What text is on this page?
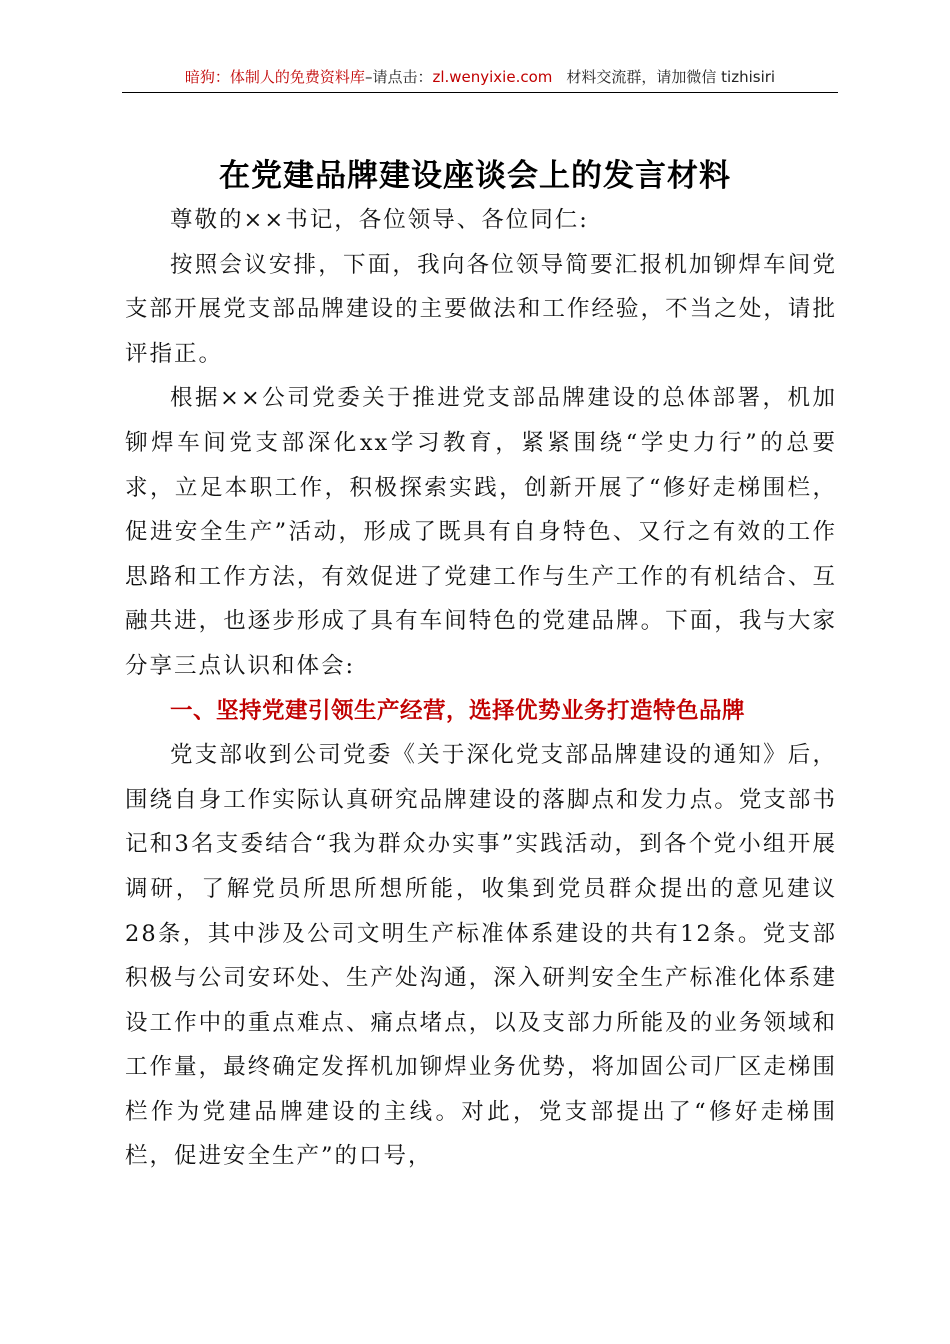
暗狗：体制人的免费资料库–请点击：zl.wenyixie.com 材料交流群，请加微信 tizhisiri
在党建品牌建设座谈会上的发言材料

尊敬的××书记，各位领导、各位同仁:

按照会议安排，下面，我向各位领导简要汇报机加铆焊车间党支部开展党支部品牌建设的主要做法和工作经验，不当之处，请批评指正。

根据××公司党委关于推进党支部品牌建设的总体部署，机加铆焊车间党支部深化xx学习教育，紧紧围绕“学史力行”的总要求，立足本职工作，积极探索实践，创新开展了“修好走梯围栏，促进安全生产”活动，形成了既具有自身特色、又行之有效的工作思路和工作方法，有效促进了党建工作与生产工作的有机结合、互融共进，也逐步形成了具有车间特色的党建品牌。下面，我与大家分享三点认识和体会:

一、坚持党建引领生产经营，选择优势业务打造特色品牌

党支部收到公司党委《关于深化党支部品牌建设的通知》后，围绕自身工作实际认真研究品牌建设的落脚点和发力点。党支部书记和3名支委结合“我为群众办实事”实践活动，到各个党小组开展调研，了解党员所思所想所能，收集到党员群众提出的意见建议28条，其中涉及公司文明生产标准体系建设的共有12条。党支部积极与公司安环处、生产处沟通，深入研判安全生产标准化体系建设工作中的重点难点、痛点堵点，以及支部力所能及的业务领域和工作量，最终确定发挥机加铆焊业务优势，将加固公司厂区走梯围栏作为党建品牌建设的主线。对此，党支部提出了“修好走梯围栏，促进安全生产”的口号，
